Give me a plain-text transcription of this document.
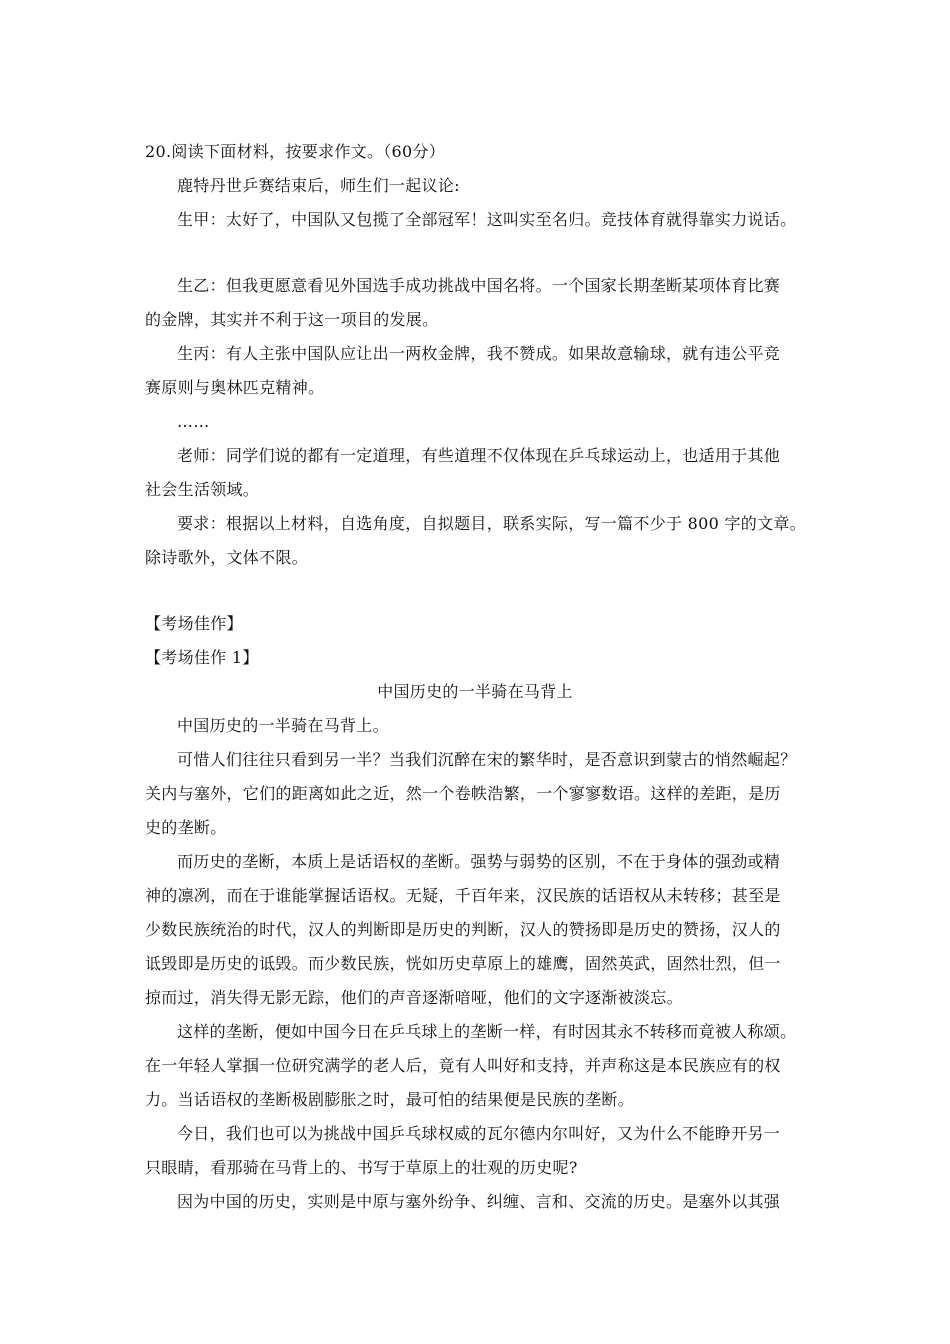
20.阅读下面材料，按要求作文。（60分）
鹿特丹世乒赛结束后，师生们一起议论:
生甲：太好了，中国队又包揽了全部冠军！这叫实至名归。竞技体育就得靠实力说话。
生乙：但我更愿意看见外国选手成功挑战中国名将。一个国家长期垄断某项体育比赛
的金牌，其实并不利于这一项目的发展。
生丙：有人主张中国队应让出一两枚金牌，我不赞成。如果故意输球，就有违公平竞
赛原则与奥林匹克精神。
……
老师：同学们说的都有一定道理，有些道理不仅体现在乒乓球运动上，也适用于其他
社会生活领域。
要求：根据以上材料，自选角度，自拟题目，联系实际，写一篇不少于 800 字的文章。
除诗歌外，文体不限。
【考场佳作】
【考场佳作 1】
中国历史的一半骑在马背上
中国历史的一半骑在马背上。
可惜人们往往只看到另一半？当我们沉醉在宋的繁华时，是否意识到蒙古的悄然崛起？
关内与塞外，它们的距离如此之近，然一个卷帙浩繁，一个寥寥数语。这样的差距，是历
史的垄断。
而历史的垄断，本质上是话语权的垄断。强势与弱势的区别，不在于身体的强劲或精
神的凛冽，而在于谁能掌握话语权。无疑，千百年来，汉民族的话语权从未转移；甚至是
少数民族统治的时代，汉人的判断即是历史的判断，汉人的赞扬即是历史的赞扬，汉人的
诋毁即是历史的诋毁。而少数民族，恍如历史草原上的雄鹰，固然英武，固然壮烈，但一
掠而过，消失得无影无踪，他们的声音逐渐喑哑，他们的文字逐渐被淡忘。
这样的垄断，便如中国今日在乒乓球上的垄断一样，有时因其永不转移而竟被人称颂。
在一年轻人掌掴一位研究满学的老人后，竟有人叫好和支持，并声称这是本民族应有的权
力。当话语权的垄断极剧膨胀之时，最可怕的结果便是民族的垄断。
今日，我们也可以为挑战中国乒乓球权威的瓦尔德内尔叫好，又为什么不能睁开另一
只眼睛，看那骑在马背上的、书写于草原上的壮观的历史呢?
因为中国的历史，实则是中原与塞外纷争、纠缠、言和、交流的历史。是塞外以其强
